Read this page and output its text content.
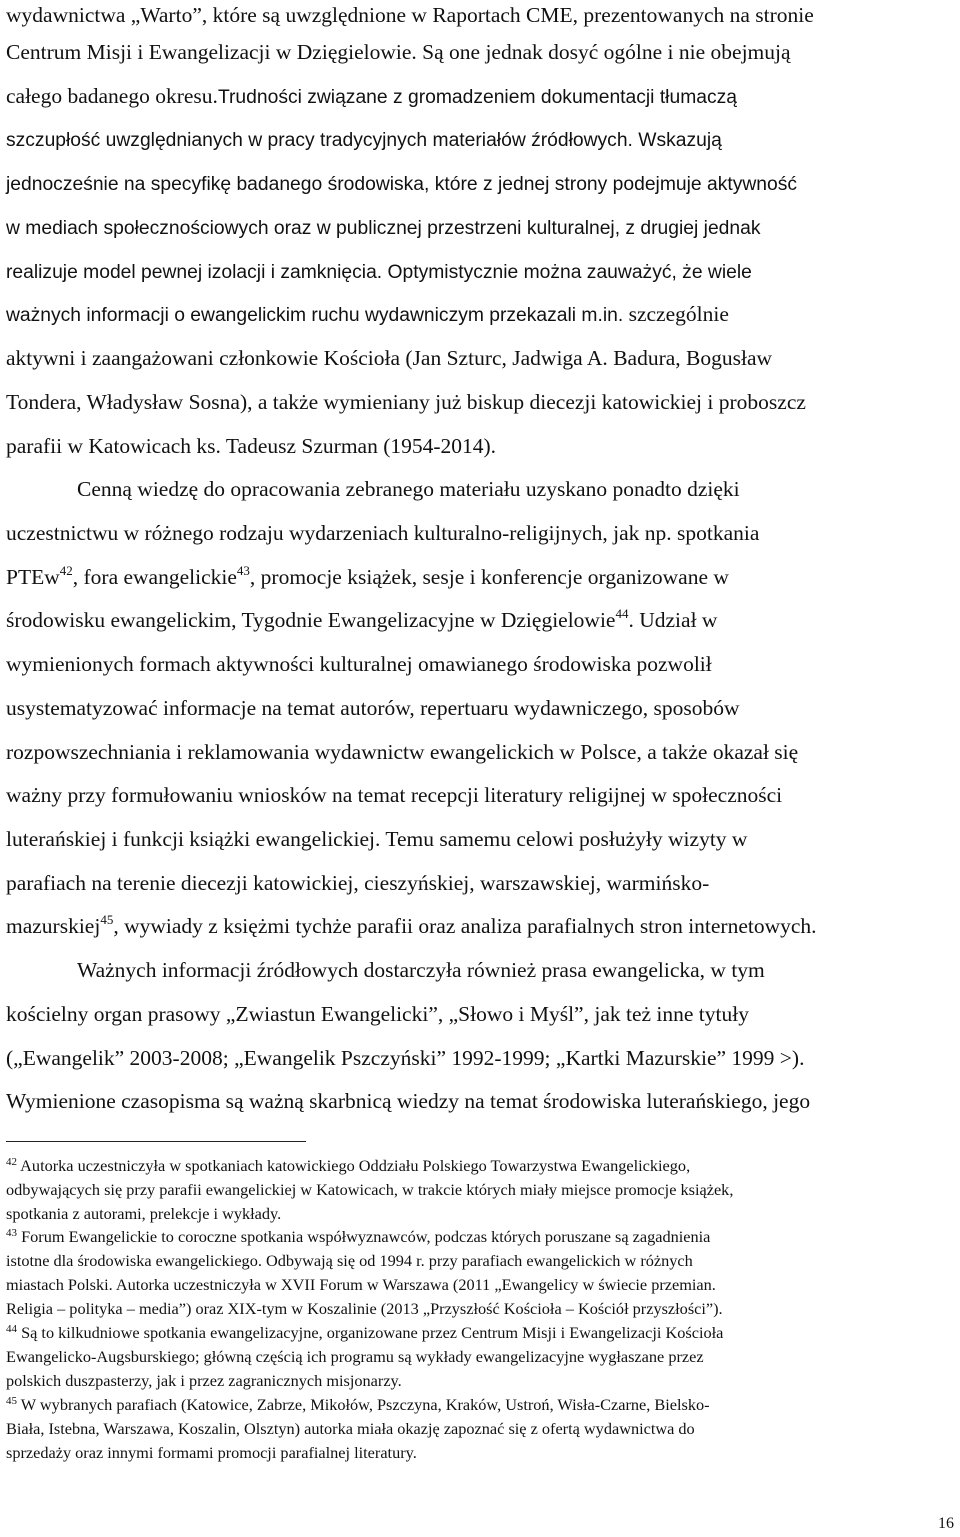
wydawnictwa „Warto”, które są uwzględnione w Raportach CME, prezentowanych na stronie
Centrum Misji i Ewangelizacji w Dzięgielowie. Są one jednak dosyć ogólne i nie obejmują
całego badanego okresu.Trudności związane z gromadzeniem dokumentacji tłumaczą
szczupłość uwzględnianych w pracy tradycyjnych materiałów źródłowych. Wskazują
jednocześnie na specyfikę badanego środowiska, które z jednej strony podejmuje aktywność
w mediach społecznościowych oraz w publicznej przestrzeni kulturalnej, z drugiej jednak
realizuje model pewnej izolacji i zamknięcia. Optymistycznie można zauważyć, że wiele
ważnych informacji o ewangelickim ruchu wydawniczym przekazali m.in. szczególnie
aktywni i zaangażowani członkowie Kościoła (Jan Szturc, Jadwiga A. Badura, Bogusław
Tondera, Władysław Sosna), a także wymieniany już biskup diecezji katowickiej i proboszcz
parafii w Katowicach ks. Tadeusz Szurman (1954-2014).
Cenną wiedzę do opracowania zebranego materiału uzyskano ponadto dzięki
uczestnictwu w różnego rodzaju wydarzeniach kulturalno-religijnych, jak np. spotkania
PTEw$^{42}$, fora ewangelickie$^{43}$, promocje książek, sesje i konferencje organizowane w
środowisku ewangelickim, Tygodnie Ewangelizacyjne w Dzięgielowie$^{44}$. Udział w
wymienionych formach aktywności kulturalnej omawianego środowiska pozwolił
usystematyzować informacje na temat autorów, repertuaru wydawniczego, sposobów
rozpowszechniania i reklamowania wydawnictw ewangelickich w Polsce, a także okazał się
ważny przy formułowaniu wniosków na temat recepcji literatury religijnej w społeczności
luterańskiej i funkcji książki ewangelickiej. Temu samemu celowi posłużyły wizyty w
parafiach na terenie diecezji katowickiej, cieszyńskiej, warszawskiej, warmińsko-
mazurskiej$^{45}$, wywiady z księżmi tychże parafii oraz analiza parafialnych stron internetowych.
Ważnych informacji źródłowych dostarczyła również prasa ewangelicka, w tym
kościelny organ prasowy „Zwiastun Ewangelicki”, „Słowo i Myśl”, jak też inne tytuły
(„Ewangelik” 2003-2008; „Ewangelik Pszczyński” 1992-1999; „Kartki Mazurskie” 1999 >).
Wymienione czasopisma są ważną skarbnicą wiedzy na temat środowiska luterańskiego, jego
$^{42}$ Autorka uczestniczyła w spotkaniach katowickiego Oddziału Polskiego Towarzystwa Ewangelickiego,
odbywających się przy parafii ewangelickiej w Katowicach, w trakcie których miały miejsce promocje książek,
spotkania z autorami, prelekcje i wykłady.
$^{43}$ Forum Ewangelickie to coroczne spotkania współwyznawców, podczas których poruszane są zagadnienia
istotne dla środowiska ewangelickiego. Odbywają się od 1994 r. przy parafiach ewangelickich w różnych
miastach Polski. Autorka uczestniczyła w XVII Forum w Warszawa (2011 „Ewangelicy w świecie przemian.
Religia – polityka – media”) oraz XIX-tym w Koszalinie (2013 „Przyszłość Kościoła – Kościół przyszłości”).
$^{44}$ Są to kilkudniowe spotkania ewangelizacyjne, organizowane przez Centrum Misji i Ewangelizacji Kościoła
Ewangelicko-Augsburskiego; główną częścią ich programu są wykłady ewangelizacyjne wygłaszane przez
polskich duszpasterzy, jak i przez zagranicznych misjonarzy.
$^{45}$ W wybranych parafiach (Katowice, Zabrze, Mikołów, Pszczyna, Kraków, Ustroń, Wisła-Czarne, Bielsko-
Biała, Istebna, Warszawa, Koszalin, Olsztyn) autorka miała okazję zapoznać się z ofertą wydawnictwa do
sprzedaży oraz innymi formami promocji parafialnej literatury.
16
